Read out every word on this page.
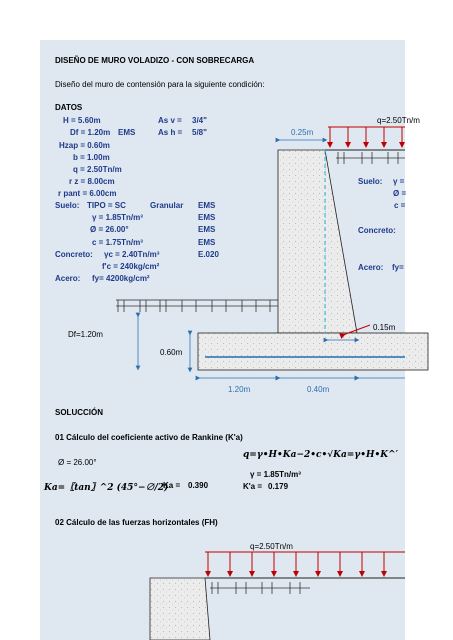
DISEÑO DE MURO VOLADIZO - CON SOBRECARGA
Diseño del muro de contensión para la siguiente condición:
DATOS
H = 5.60m	As v = 3/4"
Df = 1.20m EMS	As h = 5/8"
Hzap = 0.60m
b = 1.00m
q = 2.50Tn/m
r z = 8.00cm
r pant = 6.00cm
Suelo: TIPO = SC	Granular EMS
γ = 1.85Tn/m³	EMS
Ø = 26.00°	EMS
c = 1.75Tn/m³	EMS
Concreto: γc = 2.40Tn/m³	E.020
f'c = 240kg/cm²
Acero: fy= 4200kg/cm²
q=2.50Tn/m
0.25m
0.15m
Df=1.20m
0.60m
1.20m	0.40m
Suelo: γ =
Ø =
c =
Concreto:
Acero: fy=
SOLUCCIÓN
01 Cálculo del coeficiente activo de Rankine (K'a)
Ø = 26.00°
q=γ•H•Ka−2•c•√Ka=γ•H•K^′
Ka=〖tan〗^2 (45°−∅/2)
Ka = 0.390
γ = 1.85Tn/m³
K'a = 0.179
02 Cálculo de las fuerzas horizontales (FH)
q=2.50Tn/m
